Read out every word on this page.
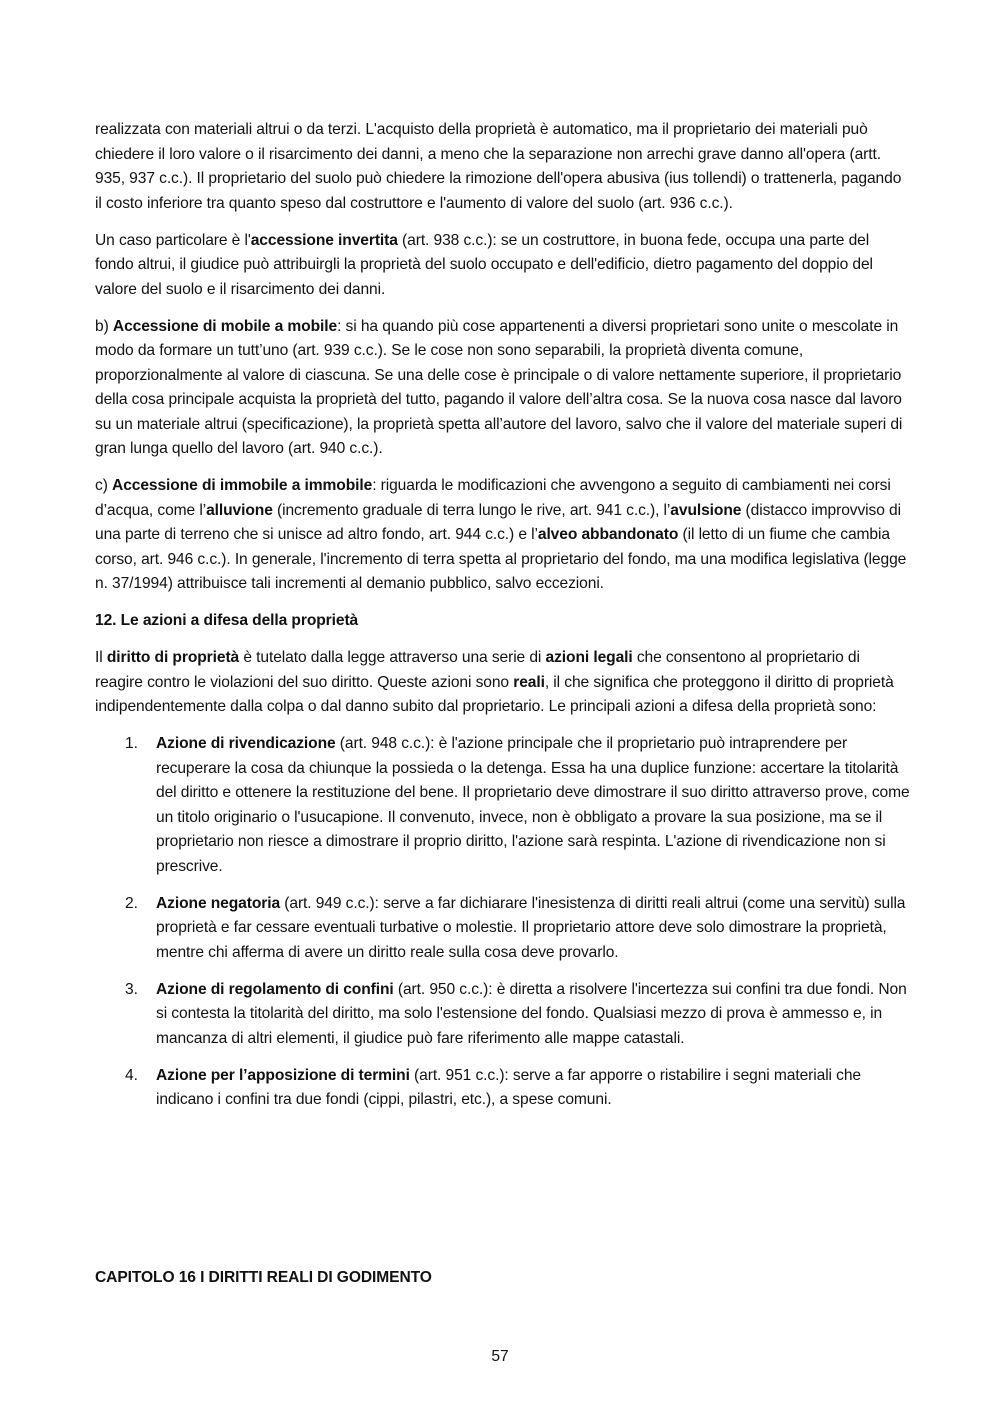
realizzata con materiali altrui o da terzi. L'acquisto della proprietà è automatico, ma il proprietario dei materiali può chiedere il loro valore o il risarcimento dei danni, a meno che la separazione non arrechi grave danno all'opera (artt. 935, 937 c.c.). Il proprietario del suolo può chiedere la rimozione dell'opera abusiva (ius tollendi) o trattenerla, pagando il costo inferiore tra quanto speso dal costruttore e l'aumento di valore del suolo (art. 936 c.c.).

Un caso particolare è l'accessione invertita (art. 938 c.c.): se un costruttore, in buona fede, occupa una parte del fondo altrui, il giudice può attribuirgli la proprietà del suolo occupato e dell'edificio, dietro pagamento del doppio del valore del suolo e il risarcimento dei danni.

b) Accessione di mobile a mobile: si ha quando più cose appartenenti a diversi proprietari sono unite o mescolate in modo da formare un tutt’uno (art. 939 c.c.). Se le cose non sono separabili, la proprietà diventa comune, proporzionalmente al valore di ciascuna. Se una delle cose è principale o di valore nettamente superiore, il proprietario della cosa principale acquista la proprietà del tutto, pagando il valore dell’altra cosa. Se la nuova cosa nasce dal lavoro su un materiale altrui (specificazione), la proprietà spetta all’autore del lavoro, salvo che il valore del materiale superi di gran lunga quello del lavoro (art. 940 c.c.).

c) Accessione di immobile a immobile: riguarda le modificazioni che avvengono a seguito di cambiamenti nei corsi d’acqua, come l’alluvione (incremento graduale di terra lungo le rive, art. 941 c.c.), l’avulsione (distacco improvviso di una parte di terreno che si unisce ad altro fondo, art. 944 c.c.) e l’alveo abbandonato (il letto di un fiume che cambia corso, art. 946 c.c.). In generale, l'incremento di terra spetta al proprietario del fondo, ma una modifica legislativa (legge n. 37/1994) attribuisce tali incrementi al demanio pubblico, salvo eccezioni.

12. Le azioni a difesa della proprietà

Il diritto di proprietà è tutelato dalla legge attraverso una serie di azioni legali che consentono al proprietario di reagire contro le violazioni del suo diritto. Queste azioni sono reali, il che significa che proteggono il diritto di proprietà indipendentemente dalla colpa o dal danno subito dal proprietario. Le principali azioni a difesa della proprietà sono:

1. Azione di rivendicazione (art. 948 c.c.): è l'azione principale che il proprietario può intraprendere per recuperare la cosa da chiunque la possieda o la detenga. Essa ha una duplice funzione: accertare la titolarità del diritto e ottenere la restituzione del bene. Il proprietario deve dimostrare il suo diritto attraverso prove, come un titolo originario o l'usucapione. Il convenuto, invece, non è obbligato a provare la sua posizione, ma se il proprietario non riesce a dimostrare il proprio diritto, l'azione sarà respinta. L'azione di rivendicazione non si prescrive.
2. Azione negatoria (art. 949 c.c.): serve a far dichiarare l'inesistenza di diritti reali altrui (come una servitù) sulla proprietà e far cessare eventuali turbative o molestie. Il proprietario attore deve solo dimostrare la proprietà, mentre chi afferma di avere un diritto reale sulla cosa deve provarlo.
3. Azione di regolamento di confini (art. 950 c.c.): è diretta a risolvere l'incertezza sui confini tra due fondi. Non si contesta la titolarità del diritto, ma solo l'estensione del fondo. Qualsiasi mezzo di prova è ammesso e, in mancanza di altri elementi, il giudice può fare riferimento alle mappe catastali.
4. Azione per l’apposizione di termini (art. 951 c.c.): serve a far apporre o ristabilire i segni materiali che indicano i confini tra due fondi (cippi, pilastri, etc.), a spese comuni.

CAPITOLO 16 I DIRITTI REALI DI GODIMENTO

57
